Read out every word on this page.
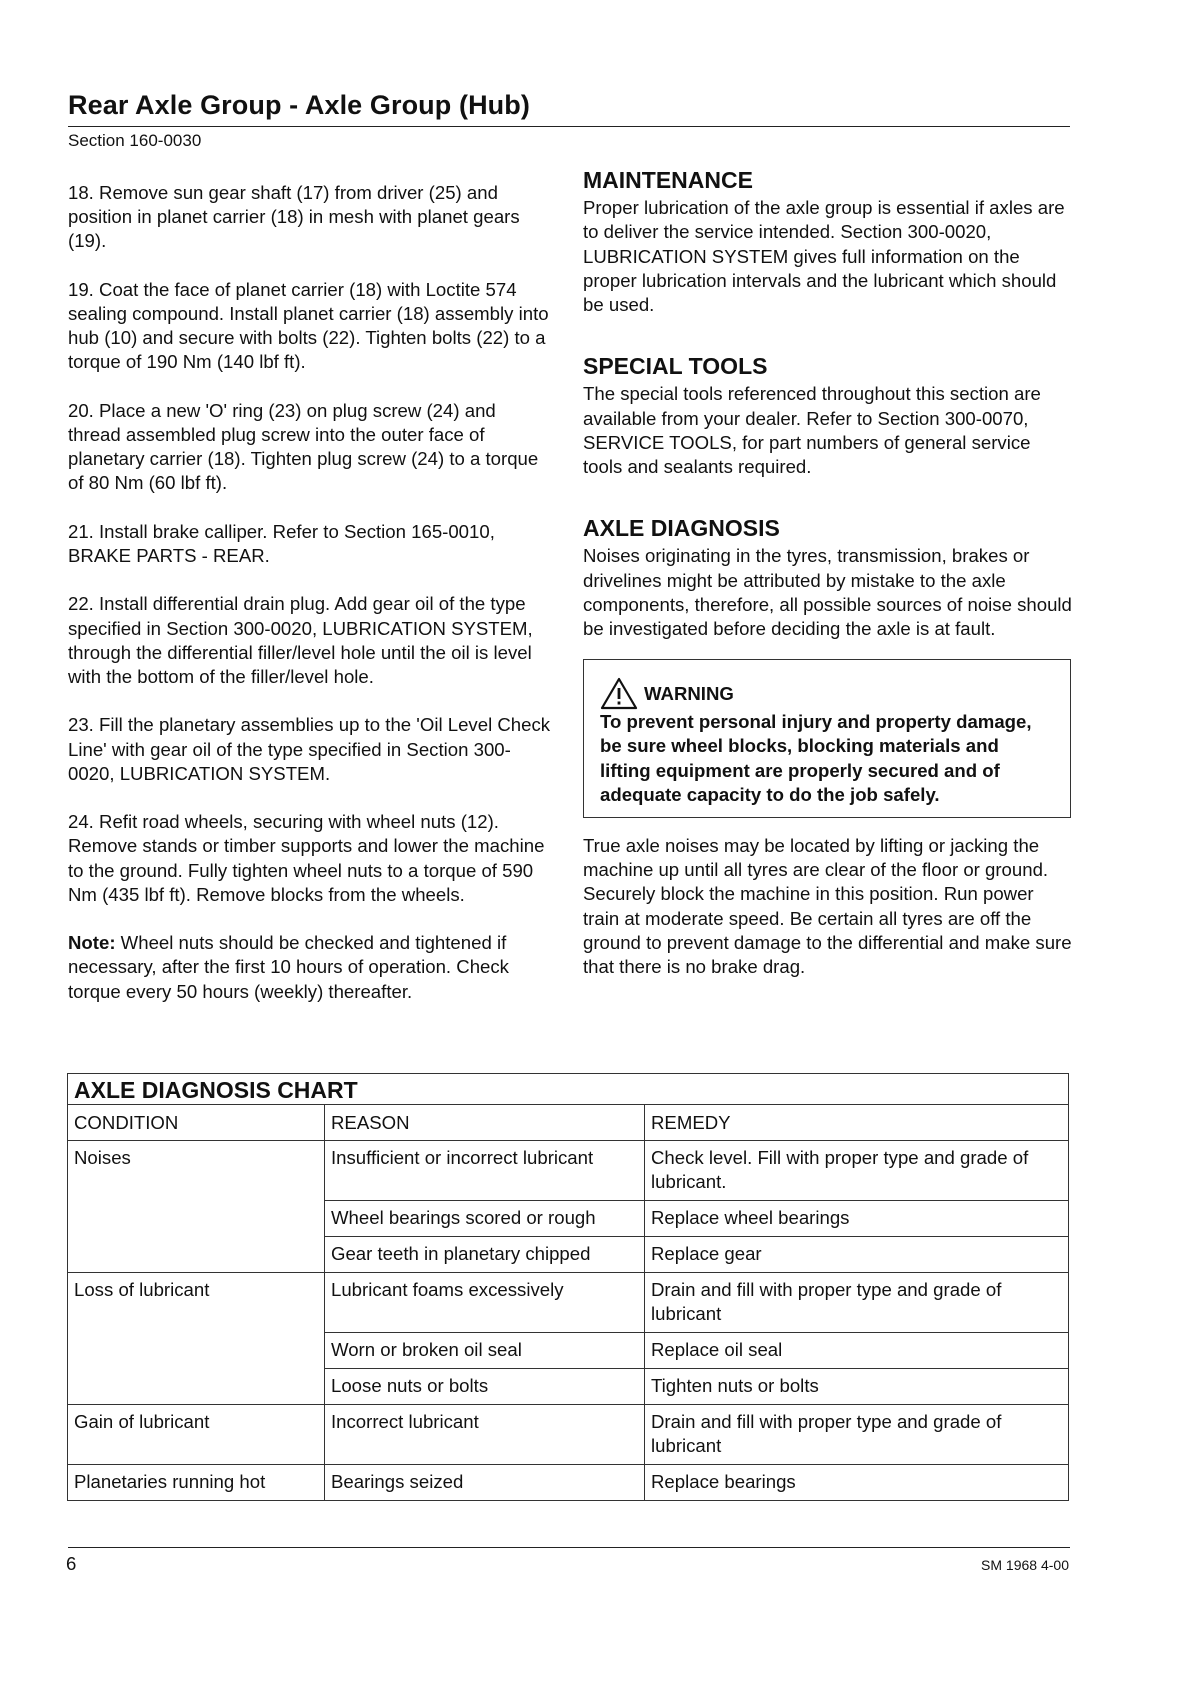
Rear Axle Group - Axle Group (Hub)
Section 160-0030

18. Remove sun gear shaft (17) from driver (25) and position in planet carrier (18) in mesh with planet gears (19).

19. Coat the face of planet carrier (18) with Loctite 574 sealing compound. Install planet carrier (18) assembly into hub (10) and secure with bolts (22). Tighten bolts (22) to a torque of 190 Nm (140 lbf ft).

20. Place a new 'O' ring (23) on plug screw (24) and thread assembled plug screw into the outer face of planetary carrier (18). Tighten plug screw (24) to a torque of 80 Nm (60 lbf ft).

21. Install brake calliper. Refer to Section 165-0010, BRAKE PARTS - REAR.

22. Install differential drain plug. Add gear oil of the type specified in Section 300-0020, LUBRICATION SYSTEM, through the differential filler/level hole until the oil is level with the bottom of the filler/level hole.

23. Fill the planetary assemblies up to the 'Oil Level Check Line' with gear oil of the type specified in Section 300-0020, LUBRICATION SYSTEM.

24. Refit road wheels, securing with wheel nuts (12). Remove stands or timber supports and lower the machine to the ground. Fully tighten wheel nuts to a torque of 590 Nm (435 lbf ft). Remove blocks from the wheels.

Note: Wheel nuts should be checked and tightened if necessary, after the first 10 hours of operation. Check torque every 50 hours (weekly) thereafter.

MAINTENANCE

Proper lubrication of the axle group is essential if axles are to deliver the service intended. Section 300-0020, LUBRICATION SYSTEM gives full information on the proper lubrication intervals and the lubricant which should be used.

SPECIAL TOOLS

The special tools referenced throughout this section are available from your dealer. Refer to Section 300-0070, SERVICE TOOLS, for part numbers of general service tools and sealants required.

AXLE DIAGNOSIS

Noises originating in the tyres, transmission, brakes or drivelines might be attributed by mistake to the axle components, therefore, all possible sources of noise should be investigated before deciding the axle is at fault.

WARNING
To prevent personal injury and property damage, be sure wheel blocks, blocking materials and lifting equipment are properly secured and of adequate capacity to do the job safely.

True axle noises may be located by lifting or jacking the machine up until all tyres are clear of the floor or ground. Securely block the machine in this position. Run power train at moderate speed. Be certain all tyres are off the ground to prevent damage to the differential and make sure that there is no brake drag.

AXLE DIAGNOSIS CHART		
CONDITION	REASON	REMEDY
Noises	Insufficient or incorrect lubricant	Check level. Fill with proper type and grade of lubricant.
	Wheel bearings scored or rough	Replace wheel bearings
	Gear teeth in planetary chipped	Replace gear
Loss of lubricant	Lubricant foams excessively	Drain and fill with proper type and grade of lubricant
	Worn or broken oil seal	Replace oil seal
	Loose nuts or bolts	Tighten nuts or bolts
Gain of lubricant	Incorrect lubricant	Drain and fill with proper type and grade of lubricant
Planetaries running hot	Bearings seized	Replace bearings
6	SM 1968 4-00
